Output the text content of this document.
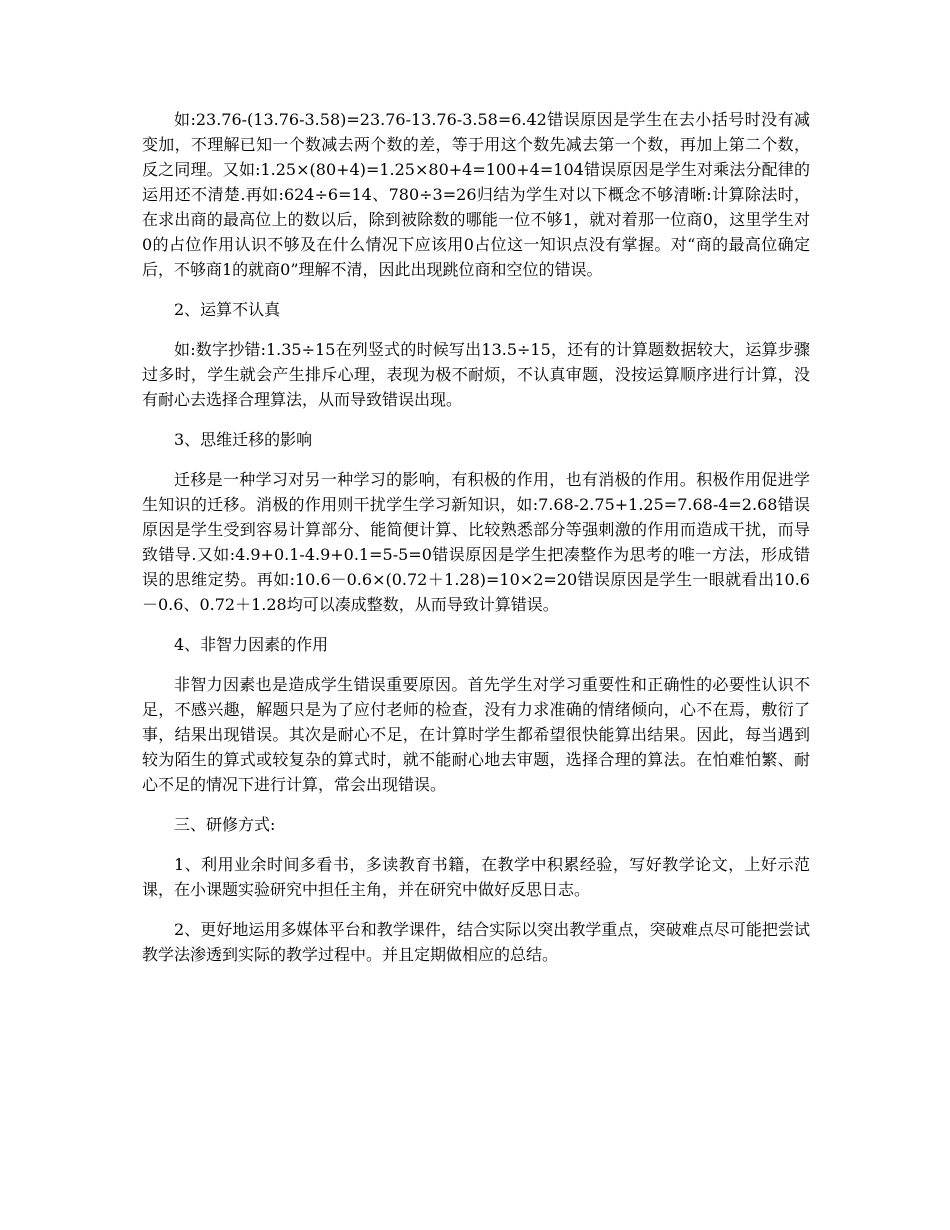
如:23.76-(13.76-3.58)=23.76-13.76-3.58=6.42错误原因是学生在去小括号时没有减变加，不理解已知一个数减去两个数的差，等于用这个数先减去第一个数，再加上第二个数，反之同理。又如:1.25×(80+4)=1.25×80+4=100+4=104错误原因是学生对乘法分配律的运用还不清楚.再如:624÷6=14、780÷3=26归结为学生对以下概念不够清晰:计算除法时，在求出商的最高位上的数以后，除到被除数的哪能一位不够1，就对着那一位商0，这里学生对0的占位作用认识不够及在什么情况下应该用0占位这一知识点没有掌握。对“商的最高位确定后，不够商1的就商0”理解不清，因此出现跳位商和空位的错误。

2、运算不认真

如:数字抄错:1.35÷15在列竖式的时候写出13.5÷15，还有的计算题数据较大，运算步骤过多时，学生就会产生排斥心理，表现为极不耐烦，不认真审题，没按运算顺序进行计算，没有耐心去选择合理算法，从而导致错误出现。

3、思维迁移的影响

迁移是一种学习对另一种学习的影响，有积极的作用，也有消极的作用。积极作用促进学生知识的迁移。消极的作用则干扰学生学习新知识，如:7.68-2.75+1.25=7.68-4=2.68错误原因是学生受到容易计算部分、能简便计算、比较熟悉部分等强刺激的作用而造成干扰，而导致错导.又如:4.9+0.1-4.9+0.1=5-5=0错误原因是学生把凑整作为思考的唯一方法，形成错误的思维定势。再如:10.6－0.6×(0.72＋1.28)=10×2=20错误原因是学生一眼就看出10.6－0.6、0.72＋1.28均可以凑成整数，从而导致计算错误。

4、非智力因素的作用

非智力因素也是造成学生错误重要原因。首先学生对学习重要性和正确性的必要性认识不足，不感兴趣，解题只是为了应付老师的检查，没有力求准确的情绪倾向，心不在焉，敷衍了事，结果出现错误。其次是耐心不足，在计算时学生都希望很快能算出结果。因此，每当遇到较为陌生的算式或较复杂的算式时，就不能耐心地去审题，选择合理的算法。在怕难怕繁、耐心不足的情况下进行计算，常会出现错误。

三、研修方式:

1、利用业余时间多看书，多读教育书籍，在教学中积累经验，写好教学论文，上好示范课，在小课题实验研究中担任主角，并在研究中做好反思日志。

2、更好地运用多媒体平台和教学课件，结合实际以突出教学重点，突破难点尽可能把尝试教学法渗透到实际的教学过程中。并且定期做相应的总结。
